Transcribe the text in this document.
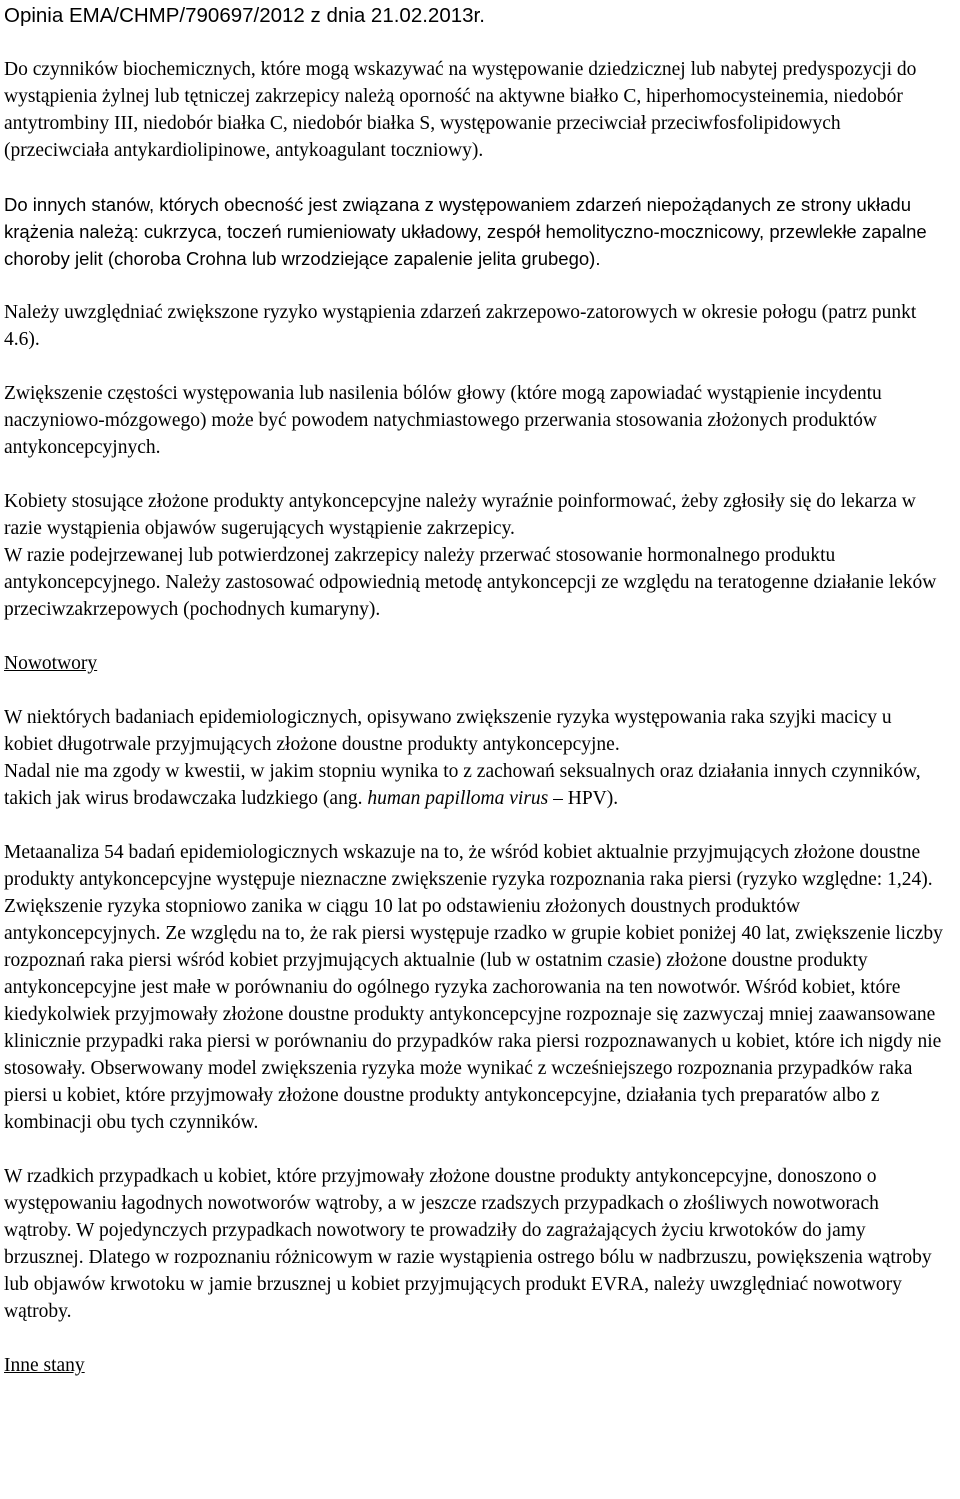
Opinia EMA/CHMP/790697/2012 z dnia 21.02.2013r.

Do czynników biochemicznych, które mogą wskazywać na występowanie dziedzicznej lub nabytej predyspozycji do wystąpienia żylnej lub tętniczej zakrzepicy należą oporność na aktywne białko C, hiperhomocysteinemia, niedobór antytrombiny III, niedobór białka C, niedobór białka S, występowanie przeciwciał przeciwfosfolipidowych (przeciwciała antykardiolipinowe, antykoagulant toczniowy).

Do innych stanów, których obecność jest związana z występowaniem zdarzeń niepożądanych ze strony układu krążenia należą: cukrzyca, toczeń rumieniowaty układowy, zespół hemolityczno-mocznicowy, przewlekłe zapalne choroby jelit (choroba Crohna lub wrzodziejące zapalenie jelita grubego).

Należy uwzględniać zwiększone ryzyko wystąpienia zdarzeń zakrzepowo-zatorowych w okresie połogu (patrz punkt 4.6).

Zwiększenie częstości występowania lub nasilenia bólów głowy (które mogą zapowiadać wystąpienie incydentu naczyniowo-mózgowego) może być powodem natychmiastowego przerwania stosowania złożonych produktów antykoncepcyjnych.

Kobiety stosujące złożone produkty antykoncepcyjne należy wyraźnie poinformować, żeby zgłosiły się do lekarza w razie wystąpienia objawów sugerujących wystąpienie zakrzepicy.

W razie podejrzewanej lub potwierdzonej zakrzepicy należy przerwać stosowanie hormonalnego produktu antykoncepcyjnego. Należy zastosować odpowiednią metodę antykoncepcji ze względu na teratogenne działanie leków przeciwzakrzepowych (pochodnych kumaryny).

Nowotwory

W niektórych badaniach epidemiologicznych, opisywano zwiększenie ryzyka występowania raka szyjki macicy u kobiet długotrwale przyjmujących złożone doustne produkty antykoncepcyjne.

Nadal nie ma zgody w kwestii, w jakim stopniu wynika to z zachowań seksualnych oraz działania innych czynników, takich jak wirus brodawczaka ludzkiego (ang. human papilloma virus – HPV).

Metaanaliza 54 badań epidemiologicznych wskazuje na to, że wśród kobiet aktualnie przyjmujących złożone doustne produkty antykoncepcyjne występuje nieznaczne zwiększenie ryzyka rozpoznania raka piersi (ryzyko względne: 1,24). Zwiększenie ryzyka stopniowo zanika w ciągu 10 lat po odstawieniu złożonych doustnych produktów antykoncepcyjnych. Ze względu na to, że rak piersi występuje rzadko w grupie kobiet poniżej 40 lat, zwiększenie liczby rozpoznań raka piersi wśród kobiet przyjmujących aktualnie (lub w ostatnim czasie) złożone doustne produkty antykoncepcyjne jest małe w porównaniu do ogólnego ryzyka zachorowania na ten nowotwór. Wśród kobiet, które kiedykolwiek przyjmowały złożone doustne produkty antykoncepcyjne rozpoznaje się zazwyczaj mniej zaawansowane klinicznie przypadki raka piersi w porównaniu do przypadków raka piersi rozpoznawanych u kobiet, które ich nigdy nie stosowały. Obserwowany model zwiększenia ryzyka może wynikać z wcześniejszego rozpoznania przypadków raka piersi u kobiet, które przyjmowały złożone doustne produkty antykoncepcyjne, działania tych preparatów albo z kombinacji obu tych czynników.

W rzadkich przypadkach u kobiet, które przyjmowały złożone doustne produkty antykoncepcyjne, donoszono o występowaniu łagodnych nowotworów wątroby, a w jeszcze rzadszych przypadkach o złośliwych nowotworach wątroby. W pojedynczych przypadkach nowotwory te prowadziły do zagrażających życiu krwotoków do jamy brzusznej. Dlatego w rozpoznaniu różnicowym w razie wystąpienia ostrego bólu w nadbrzuszu, powiększenia wątroby lub objawów krwotoku w jamie brzusznej u kobiet przyjmujących produkt EVRA, należy uwzględniać nowotwory wątroby.

Inne stany
